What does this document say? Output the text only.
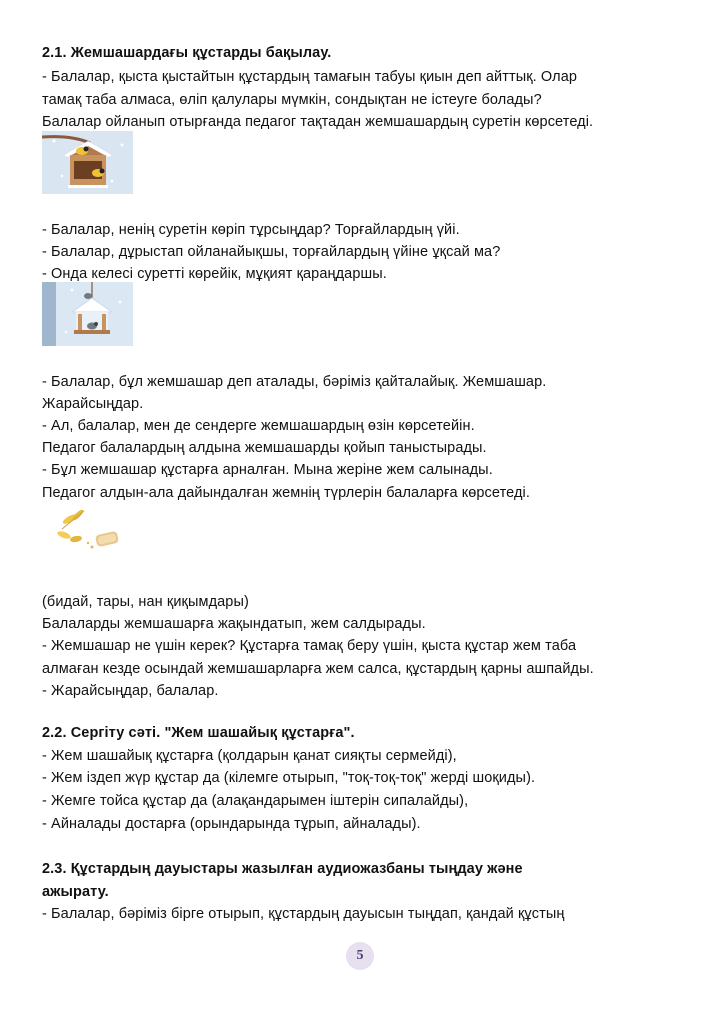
2.1. Жемшашардағы құстарды бақылау.
- Балалар, қыста қыстайтын құстардың тамағын табуы қиын деп айттық. Олар
тамақ таба алмаса, өліп қалулары мүмкін, сондықтан не істеуге болады?
Балалар ойланып отырғанда педагог тақтадан жемшашардың суретін көрсетеді.
- Балалар, ненің суретін көріп тұрсыңдар? Торғайлардың үйі.
- Балалар, дұрыстап ойланайықшы, торғайлардың үйіне ұқсай ма?
- Онда келесі суретті көрейік, мұқият қараңдаршы.
- Балалар, бұл жемшашар деп аталады, бәріміз қайталайық. Жемшашар.
Жарайсыңдар.
- Ал, балалар, мен де сендерге жемшашардың өзін көрсетейін.
Педагог балалардың алдына жемшашарды қойып таныстырады.
- Бұл жемшашар құстарға арналған. Мына жеріне жем салынады.
Педагог алдын-ала дайындалған жемнің түрлерін балаларға көрсетеді.
(бидай, тары, нан қиқымдары)
Балаларды жемшашарға жақындатып, жем салдырады.
- Жемшашар не үшін керек? Құстарға тамақ беру үшін, қыста құстар жем таба
алмаған кезде осындай жемшашарларға жем салса, құстардың қарны ашпайды.
- Жарайсыңдар, балалар.
2.2. Сергіту сәті. "Жем шашайық құстарға".
- Жем шашайық құстарға (қолдарын қанат сияқты сермейді),
- Жем іздеп жүр құстар да (кілемге отырып, "тоқ-тоқ-тоқ" жерді шоқиды).
- Жемге тойса құстар да (алақандарымен іштерін сипалайды),
- Айналады достарға (орындарында тұрып, айналады).
2.3. Құстардың дауыстары жазылған аудиожазбаны тыңдау және
ажырату.
- Балалар, бәріміз бірге отырып, құстардың дауысын тыңдап, қандай құстың
5
